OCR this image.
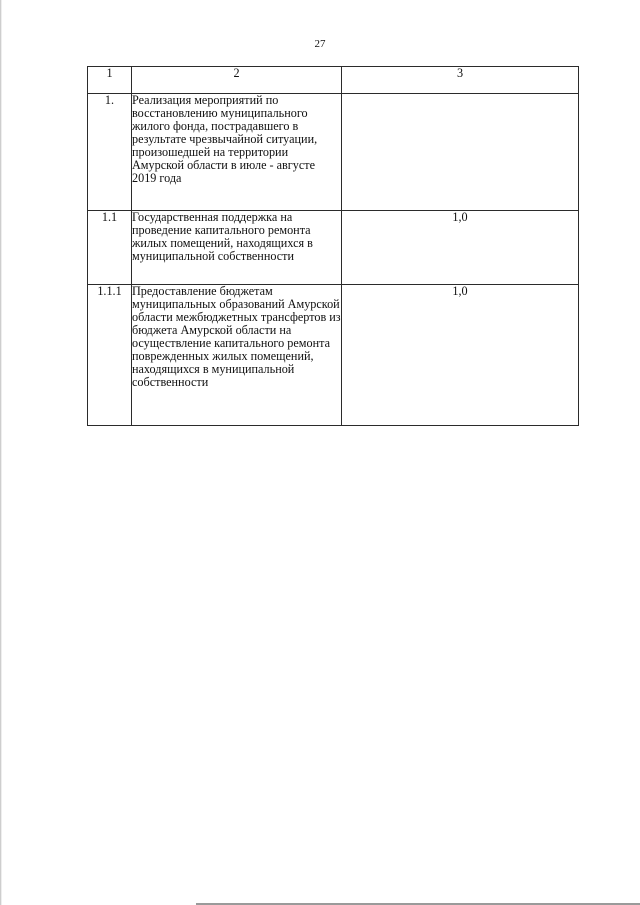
27
1	2	3
1.	Реализация мероприятий по восстановлению муниципального жилого фонда, пострадавшего в результате чрезвычайной ситуации, произошедшей на территории Амурской области в июле - августе 2019 года	
1.1	Государственная поддержка на проведение капитального ремонта жилых помещений, находящихся в муниципальной собственности	1,0
1.1.1	Предоставление бюджетам муниципальных образований Амурской области межбюджетных трансфертов из бюджета Амурской области на осуществление капитального ремонта поврежденных жилых помещений, находящихся в муниципальной собственности	1,0
